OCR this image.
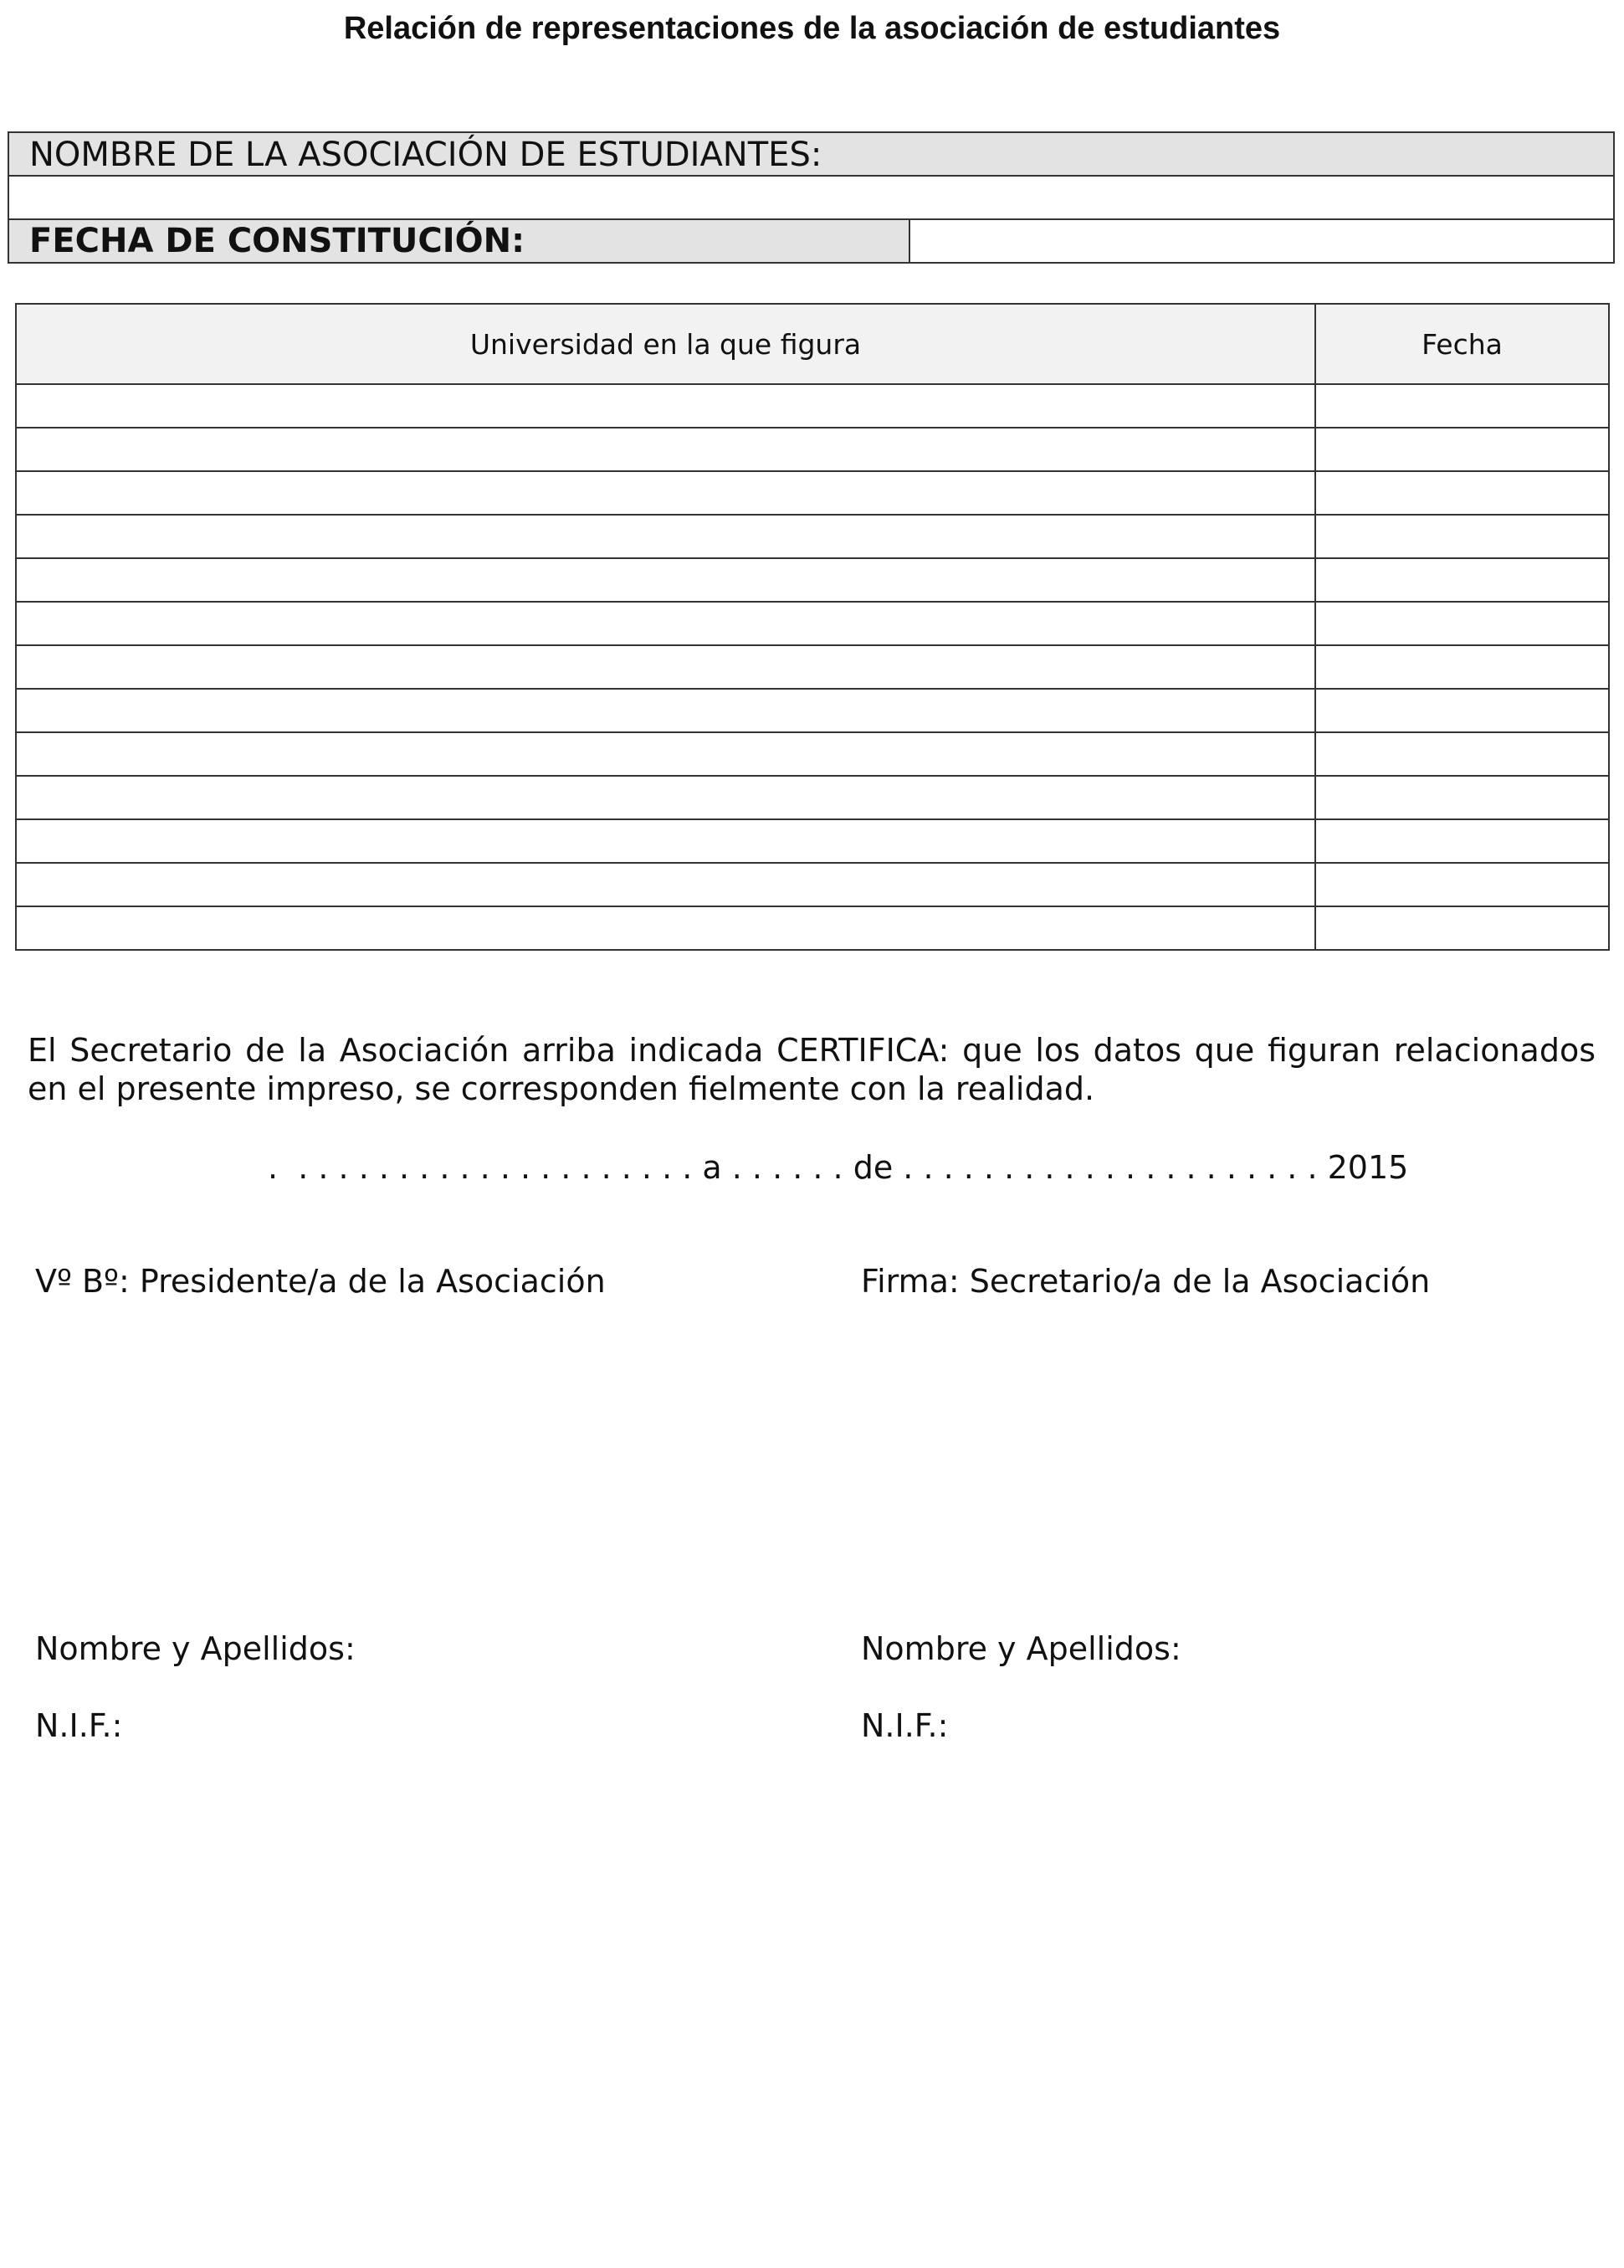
Relación de representaciones de la asociación de estudiantes
NOMBRE DE LA ASOCIACIÓN DE ESTUDIANTES:
FECHA DE CONSTITUCIÓN:
Universidad en la que figura	Fecha

El Secretario de la Asociación arriba indicada CERTIFICA: que los datos que figuran relacionados en el presente impreso, se corresponden fielmente con la realidad.
.  . . . . . . . . . . . . . . . . . . . . a . . . . . . de . . . . . . . . . . . . . . . . . . . . . 2015
Vº Bº: Presidente/a de la Asociación	Firma: Secretario/a de la Asociación
Nombre y Apellidos:	Nombre y Apellidos:
N.I.F.:	N.I.F.:
